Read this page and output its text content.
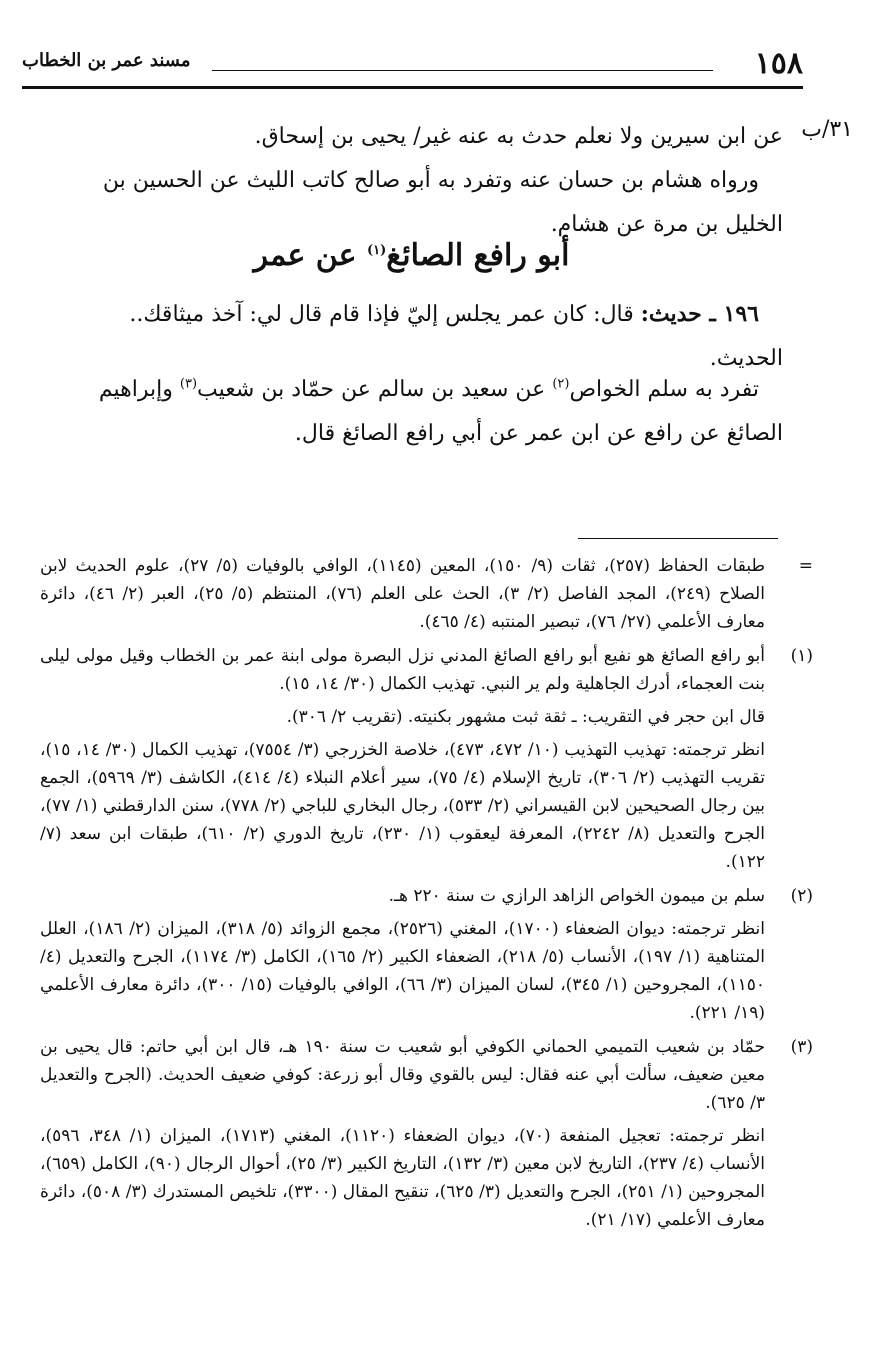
١٥٨
مسند عمر بن الخطاب
٣١/ب
عن ابن سيرين ولا نعلم حدث به عنه غير/ يحيى بن إسحاق.
ورواه هشام بن حسان عنه وتفرد به أبو صالح كاتب الليث عن الحسين بن
الخليل بن مرة عن هشام.
أبو رافع الصائغ$^{(١)}$ عن عمر
١٩٦ ـ حديث: قال: كان عمر يجلس إليّ فإذا قام قال لي: آخذ ميثاقك..
الحديث.
تفرد به سلم الخواص$^{(٢)}$ عن سعيد بن سالم عن حمّاد بن شعيب$^{(٣)}$ وإبراهيم
الصائغ عن رافع عن ابن عمر عن أبي رافع الصائغ قال.
=

طبقات الحفاظ (٢٥٧)، ثقات (٩/ ١٥٠)، المعين (١١٤٥)، الوافي بالوفيات (٥/ ٢٧)، علوم الحديث لابن الصلاح (٢٤٩)، المجد الفاصل (٢/ ٣)، الحث على العلم (٧٦)، المنتظم (٥/ ٢٥)، العبر (٢/ ٤٦)، دائرة معارف الأعلمي (٢٧/ ٧٦)، تبصير المنتبه (٤/ ٤٦٥).

(١)

أبو رافع الصائغ هو نفيع أبو رافع الصائغ المدني نزل البصرة مولى ابنة عمر بن الخطاب وقيل مولى ليلى بنت العجماء، أدرك الجاهلية ولم ير النبي. تهذيب الكمال (٣٠/ ١٤، ١٥).

قال ابن حجر في التقريب: ـ ثقة ثبت مشهور بكنيته. (تقريب ٢/ ٣٠٦).

انظر ترجمته: تهذيب التهذيب (١٠/ ٤٧٢، ٤٧٣)، خلاصة الخزرجي (٣/ ٧٥٥٤)، تهذيب الكمال (٣٠/ ١٤، ١٥)، تقريب التهذيب (٢/ ٣٠٦)، تاريخ الإسلام (٤/ ٧٥)، سير أعلام النبلاء (٤/ ٤١٤)، الكاشف (٣/ ٥٩٦٩)، الجمع بين رجال الصحيحين لابن القيسراني (٢/ ٥٣٣)، رجال البخاري للباجي (٢/ ٧٧٨)، سنن الدارقطني (١/ ٧٧)، الجرح والتعديل (٨/ ٢٢٤٢)، المعرفة ليعقوب (١/ ٢٣٠)، تاريخ الدوري (٢/ ٦١٠)، طبقات ابن سعد (٧/ ١٢٢).

(٢)

سلم بن ميمون الخواص الزاهد الرازي ت سنة ٢٢٠ هـ.

انظر ترجمته: ديوان الضعفاء (١٧٠٠)، المغني (٢٥٢٦)، مجمع الزوائد (٥/ ٣١٨)، الميزان (٢/ ١٨٦)، العلل المتناهية (١/ ١٩٧)، الأنساب (٥/ ٢١٨)، الضعفاء الكبير (٢/ ١٦٥)، الكامل (٣/ ١١٧٤)، الجرح والتعديل (٤/ ١١٥٠)، المجروحين (١/ ٣٤٥)، لسان الميزان (٣/ ٦٦)، الوافي بالوفيات (١٥/ ٣٠٠)، دائرة معارف الأعلمي (١٩/ ٢٢١).

(٣)

حمّاد بن شعيب التميمي الحماني الكوفي أبو شعيب ت سنة ١٩٠ هـ، قال ابن أبي حاتم: قال يحيى بن معين ضعيف، سألت أبي عنه فقال: ليس بالقوي وقال أبو زرعة: كوفي ضعيف الحديث. (الجرح والتعديل ٣/ ٦٢٥).

انظر ترجمته: تعجيل المنفعة (٧٠)، ديوان الضعفاء (١١٢٠)، المغني (١٧١٣)، الميزان (١/ ٣٤٨، ٥٩٦)، الأنساب (٤/ ٢٣٧)، التاريخ لابن معين (٣/ ١٣٢)، التاريخ الكبير (٣/ ٢٥)، أحوال الرجال (٩٠)، الكامل (٦٥٩)، المجروحين (١/ ٢٥١)، الجرح والتعديل (٣/ ٦٢٥)، تنقيح المقال (٣٣٠٠)، تلخيص المستدرك (٣/ ٥٠٨)، دائرة معارف الأعلمي (١٧/ ٢١).
